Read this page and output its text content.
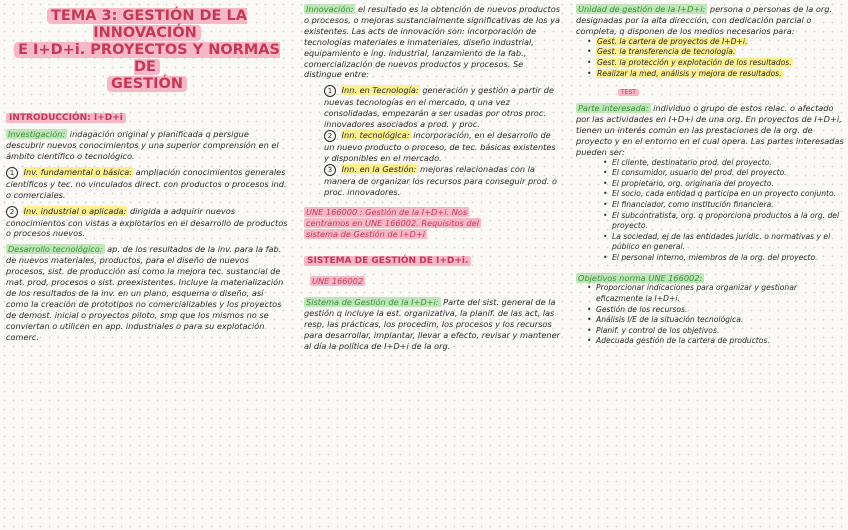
TEMA 3: GESTIÓN DE LA INNOVACIÓN
E I+D+i. PROYECTOS Y NORMAS DE
GESTIÓN
INTRODUCCIÓN: I+D+i

Investigación: indagación original y planificada q persigue descubrir nuevos conocimientos y una superior comprensión en el ámbito científico o tecnológico.

1 Inv. fundamental o básica: ampliación conocimientos generales científicos y tec. no vinculados direct. con productos o procesos ind. o comerciales.

2 Inv. industrial o aplicada: dirigida a adquirir nuevos conocimientos con vistas a explotarlos en el desarrollo de productos o procesos nuevos.

Desarrollo tecnológico: ap. de los resultados de la inv. para la fab. de nuevos materiales, productos, para el diseño de nuevos procesos, sist. de producción así como la mejora tec. sustancial de mat. prod, procesos o sist. preexistentes. Incluye la materialización de los resultados de la inv. en un plano, esquema o diseño, así como la creación de prototipos no comercializables y los proyectos de demost. inicial o proyectos piloto, smp que los mismos no se conviertan o utilicen en app. industriales o para su explotación comerc.

Innovación: el resultado es la obtención de nuevos productos o procesos, o mejoras sustancialmente significativas de los ya existentes. Las acts de innovación son: incorporación de tecnologías materiales e inmateriales, diseño industrial, equipamiento e ing. industrial, lanzamiento de la fab., comercialización de nuevos productos y procesos. Se distingue entre:

1 Inn. en Tecnología: generación y gestión a partir de nuevas tecnologías en el mercado, q una vez consolidadas, empezarán a ser usadas por otros proc. innovadores asociados a prod. y proc.

2 Inn. tecnológica: incorporación, en el desarrollo de un nuevo producto o proceso, de tec. básicas existentes y disponibles en el mercado.

3 Inn. en la Gestión: mejoras relacionadas con la manera de organizar los recursos para conseguir prod. o proc. innovadores.

UNE 166000 : Gestión de la I+D+i. Nos
centramos en UNE 166002. Requisitos del
sistema de Gestión de I+D+i

SISTEMA DE GESTIÓN DE I+D+i.
UNE 166002

Sistema de Gestión de la I+D+i: Parte del sist. general de la gestión q incluye la est. organizativa, la planif. de las act, las resp, las prácticas, los procedim, los procesos y los recursos para desarrollar, implantar, llevar a efecto, revisar y mantener al día la política de I+D+i de la org.

Unidad de gestión de la I+D+i: persona o personas de la org. designadas por la alta dirección, con dedicación parcial o completa, q disponen de los medios necesarios para:

• Gest. la cartera de proyectos de I+D+i.
• Gest. la transferencia de tecnología.
• Gest. la protección y explotación de los resultados.
• Realizar la med, análisis y mejora de resultados.
TEST

Parte interesada: individuo o grupo de estos relac. o afectado por las actividades en I+D+i de una org. En proyectos de I+D+i, tienen un interés común en las prestaciones de la org. de proyecto y en el entorno en el cual opera. Las partes interesadas pueden ser:

• El cliente, destinatario prod. del proyecto.
• El consumidor, usuario del prod. del proyecto.
• El propietario, org. originaria del proyecto.
• El socio, cada entidad q participa en un proyecto conjunto.
• El financiador, como institución financiera.
• El subcontratista, org. q proporciona productos a la org. del proyecto.
• La sociedad, ej de las entidades jurídic. o normativas y el público en general.
• El personal interno, miembros de la org. del proyecto.

Objetivos norma UNE 166002:

• Proporcionar indicaciones para organizar y gestionar eficazmente la I+D+i.
• Gestión de los recursos.
• Análisis I/E de la situación tecnológica.
• Planif. y control de los objetivos.
• Adecuada gestión de la cartera de productos.
